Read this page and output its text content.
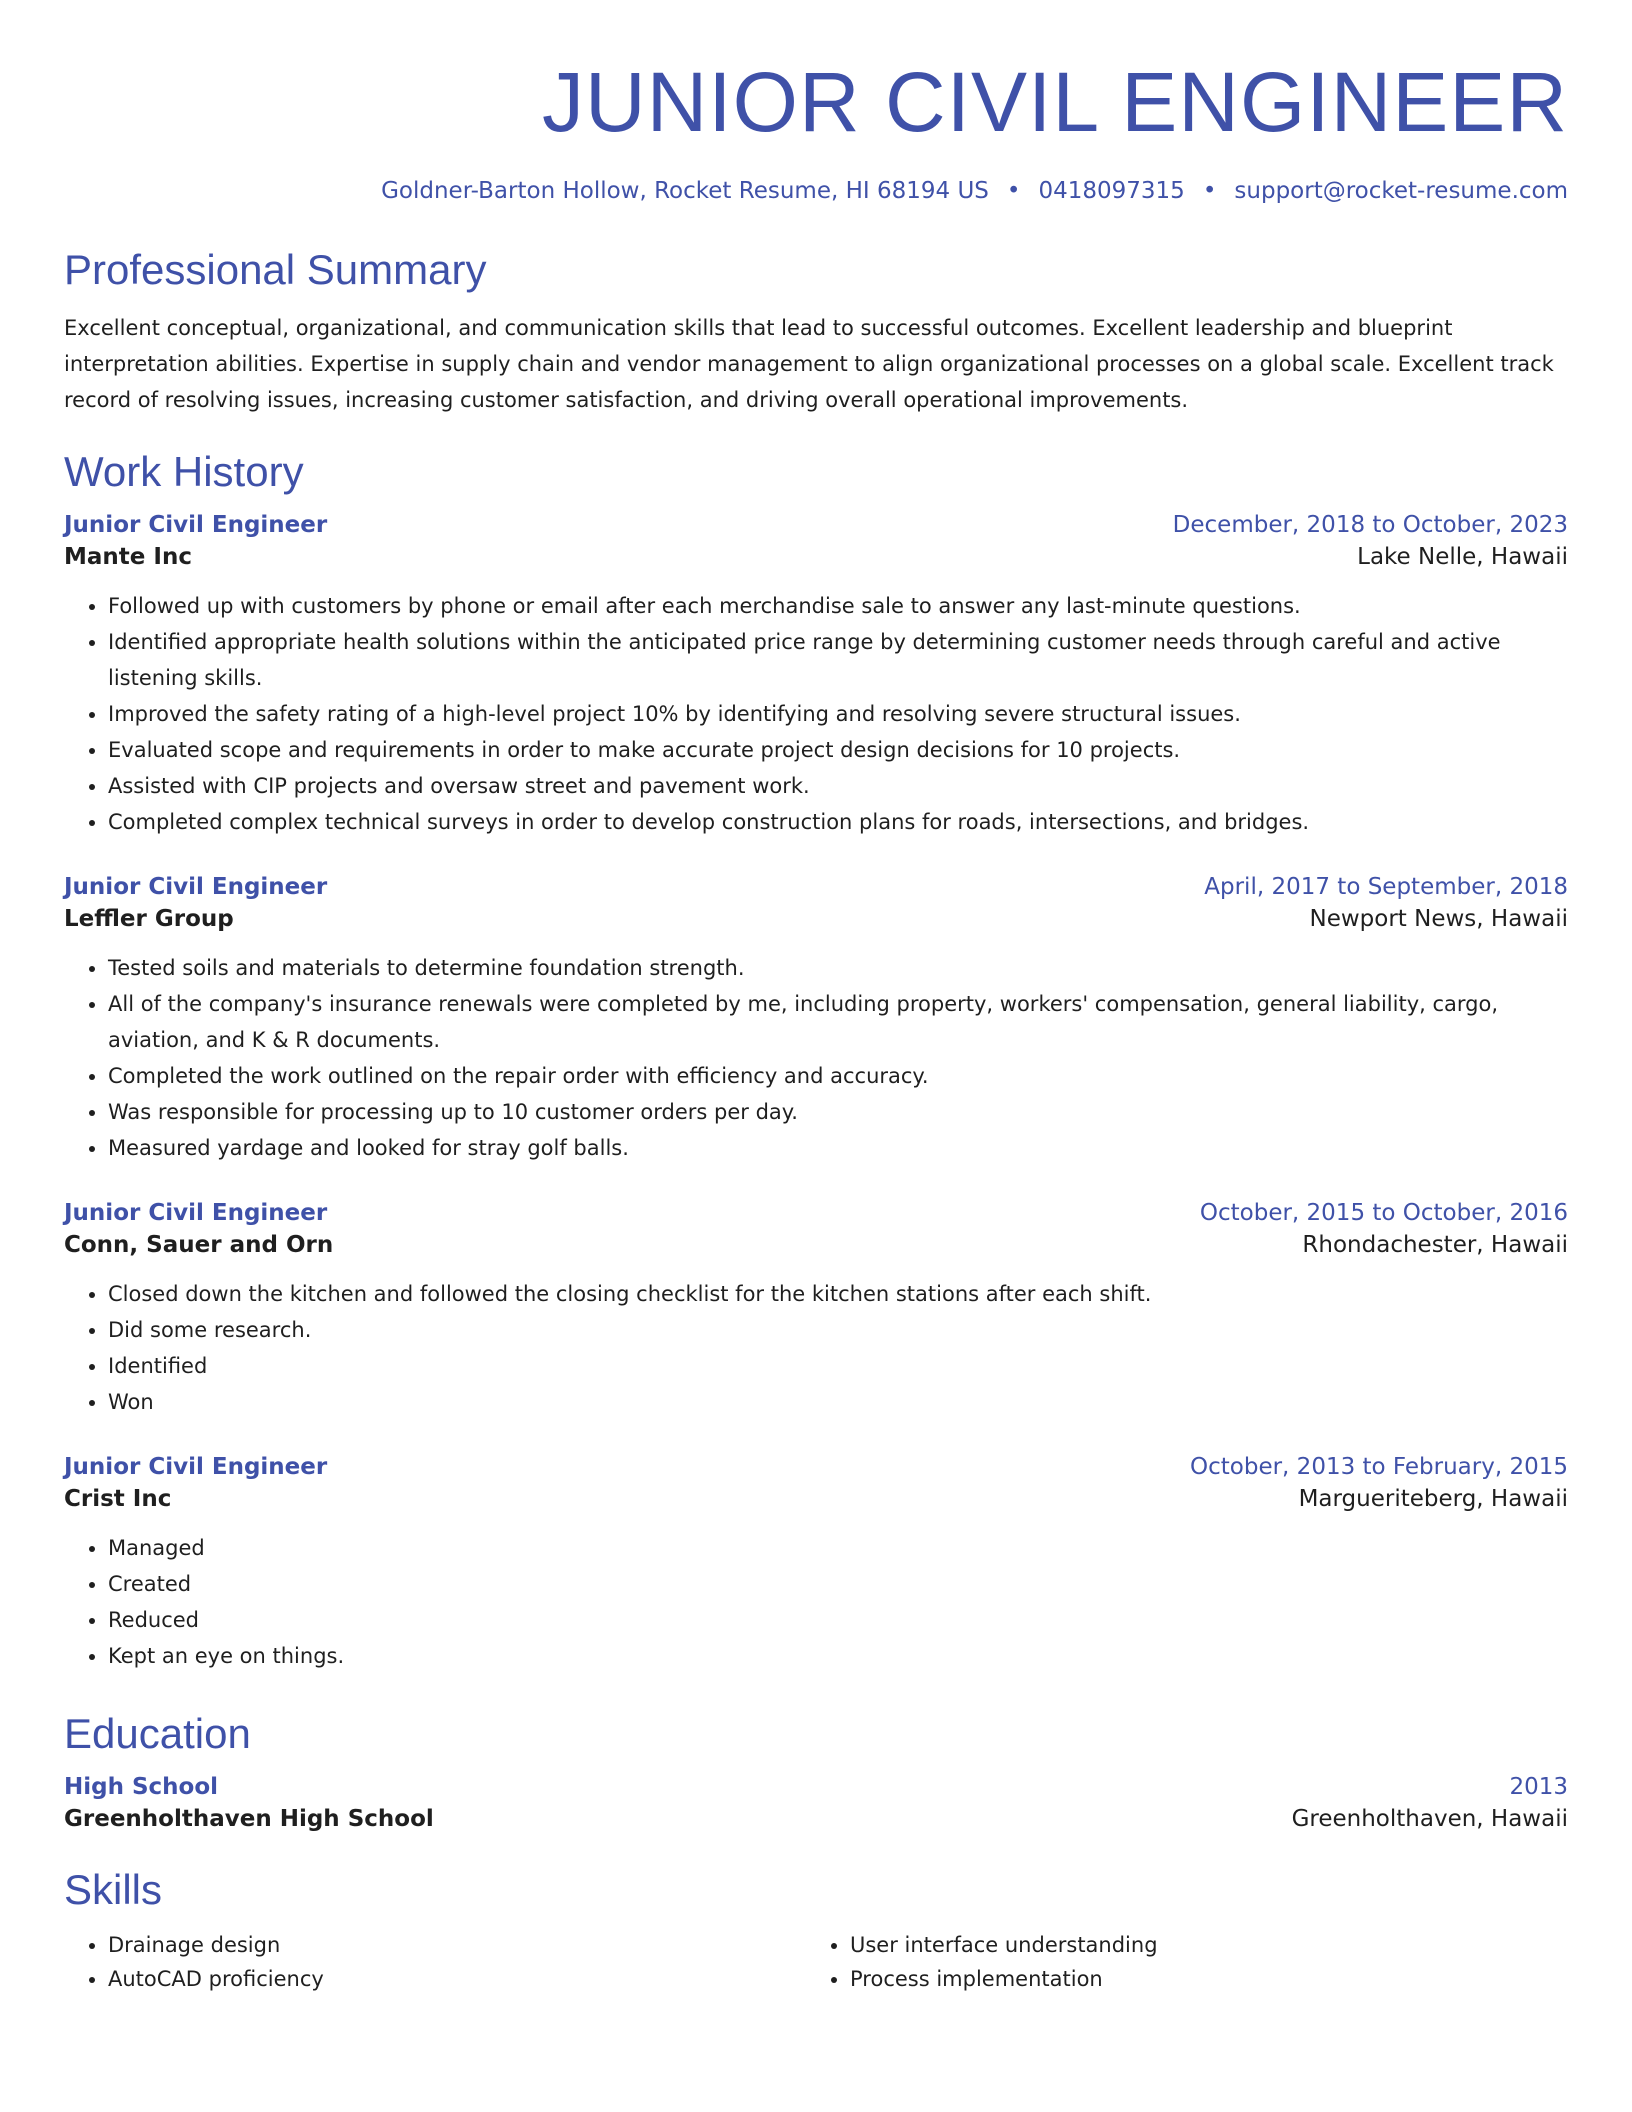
JUNIOR CIVIL ENGINEER
Goldner-Barton Hollow, Rocket Resume, HI 68194 US • 0418097315 • support@rocket-resume.com
Professional Summary
Excellent conceptual, organizational, and communication skills that lead to successful outcomes. Excellent leadership and blueprint interpretation abilities. Expertise in supply chain and vendor management to align organizational processes on a global scale. Excellent track record of resolving issues, increasing customer satisfaction, and driving overall operational improvements.
Work History
Junior Civil Engineer	December, 2018 to October, 2023
Mante Inc	Lake Nelle, Hawaii
• Followed up with customers by phone or email after each merchandise sale to answer any last-minute questions.
• Identified appropriate health solutions within the anticipated price range by determining customer needs through careful and active listening skills.
• Improved the safety rating of a high-level project 10% by identifying and resolving severe structural issues.
• Evaluated scope and requirements in order to make accurate project design decisions for 10 projects.
• Assisted with CIP projects and oversaw street and pavement work.
• Completed complex technical surveys in order to develop construction plans for roads, intersections, and bridges.
Junior Civil Engineer	April, 2017 to September, 2018
Leffler Group	Newport News, Hawaii
• Tested soils and materials to determine foundation strength.
• All of the company's insurance renewals were completed by me, including property, workers' compensation, general liability, cargo, aviation, and K & R documents.
• Completed the work outlined on the repair order with efficiency and accuracy.
• Was responsible for processing up to 10 customer orders per day.
• Measured yardage and looked for stray golf balls.
Junior Civil Engineer	October, 2015 to October, 2016
Conn, Sauer and Orn	Rhondachester, Hawaii
• Closed down the kitchen and followed the closing checklist for the kitchen stations after each shift.
• Did some research.
• Identified
• Won
Junior Civil Engineer	October, 2013 to February, 2015
Crist Inc	Margueriteberg, Hawaii
• Managed
• Created
• Reduced
• Kept an eye on things.
Education
High School	2013
Greenholthaven High School	Greenholthaven, Hawaii
Skills
• Drainage design
• AutoCAD proficiency
• User interface understanding
• Process implementation
